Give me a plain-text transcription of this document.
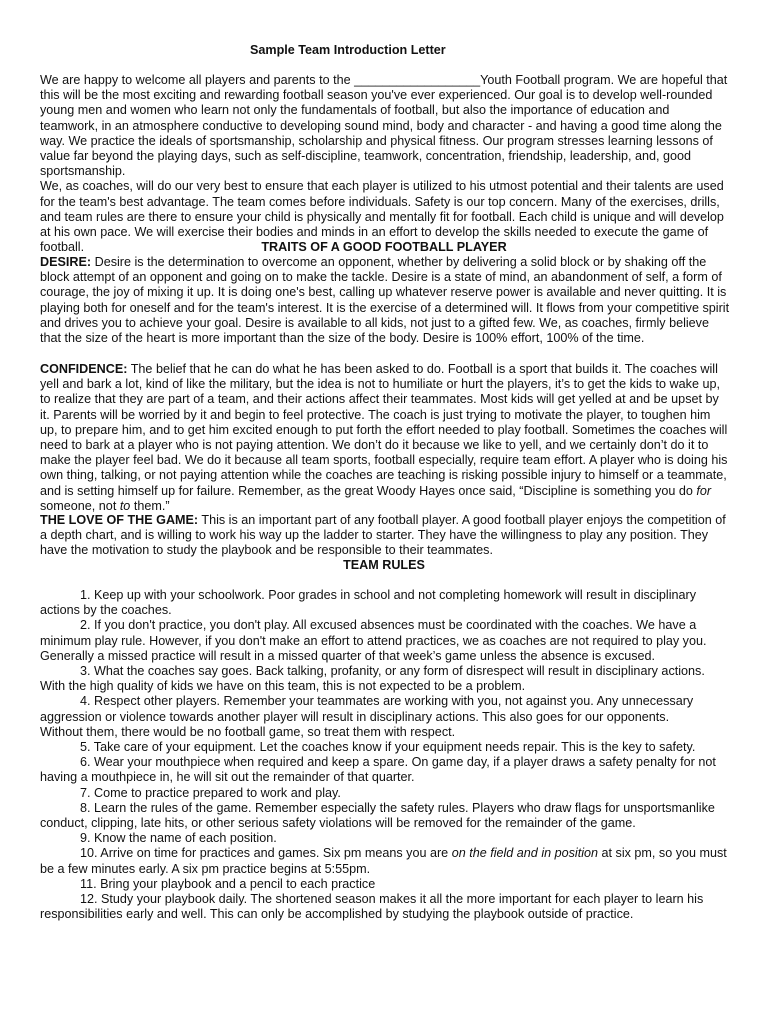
Sample Team Introduction Letter

We are happy to welcome all players and parents to the __________________Youth Football program. We are hopeful that this will be the most exciting and rewarding football season you've ever experienced. Our goal is to develop well-rounded young men and women who learn not only the fundamentals of football, but also the importance of education and teamwork, in an atmosphere conductive to developing sound mind, body and character - and having a good time along the way. We practice the ideals of sportsmanship, scholarship and physical fitness. Our program stresses learning lessons of value far beyond the playing days, such as self-discipline, teamwork, concentration, friendship, leadership, and, good sportsmanship.

We, as coaches, will do our very best to ensure that each player is utilized to his utmost potential and their talents are used for the team's best advantage. The team comes before individuals. Safety is our top concern. Many of the exercises, drills, and team rules are there to ensure your child is physically and mentally fit for football. Each child is unique and will develop at his own pace. We will exercise their bodies and minds in an effort to develop the skills needed to execute the game of football.	TRAITS OF A GOOD FOOTBALL PLAYER

DESIRE: Desire is the determination to overcome an opponent, whether by delivering a solid block or by shaking off the block attempt of an opponent and going on to make the tackle. Desire is a state of mind, an abandonment of self, a form of courage, the joy of mixing it up. It is doing one's best, calling up whatever reserve power is available and never quitting. It is playing both for oneself and for the team's interest. It is the exercise of a determined will. It flows from your competitive spirit and drives you to achieve your goal. Desire is available to all kids, not just to a gifted few. We, as coaches, firmly believe that the size of the heart is more important than the size of the body. Desire is 100% effort, 100% of the time.

CONFIDENCE: The belief that he can do what he has been asked to do. Football is a sport that builds it. The coaches will yell and bark a lot, kind of like the military, but the idea is not to humiliate or hurt the players, it’s to get the kids to wake up, to realize that they are part of a team, and their actions affect their teammates. Most kids will get yelled at and be upset by it. Parents will be worried by it and begin to feel protective. The coach is just trying to motivate the player, to toughen him up, to prepare him, and to get him excited enough to put forth the effort needed to play football. Sometimes the coaches will need to bark at a player who is not paying attention. We don’t do it because we like to yell, and we certainly don’t do it to make the player feel bad. We do it because all team sports, football especially, require team effort. A player who is doing his own thing, talking, or not paying attention while the coaches are teaching is risking possible injury to himself or a teammate, and is setting himself up for failure. Remember, as the great Woody Hayes once said, “Discipline is something you do for someone, not to them.”

THE LOVE OF THE GAME: This is an important part of any football player. A good football player enjoys the competition of a depth chart, and is willing to work his way up the ladder to starter. They have the willingness to play any position. They have the motivation to study the playbook and be responsible to their teammates.

TEAM RULES

1. Keep up with your schoolwork. Poor grades in school and not completing homework will result in disciplinary actions by the coaches.

2. If you don't practice, you don't play. All excused absences must be coordinated with the coaches. We have a minimum play rule. However, if you don't make an effort to attend practices, we as coaches are not required to play you.

Generally a missed practice will result in a missed quarter of that week’s game unless the absence is excused.

3. What the coaches say goes. Back talking, profanity, or any form of disrespect will result in disciplinary actions. With the high quality of kids we have on this team, this is not expected to be a problem.

4. Respect other players. Remember your teammates are working with you, not against you. Any unnecessary aggression or violence towards another player will result in disciplinary actions. This also goes for our opponents.

Without them, there would be no football game, so treat them with respect.

5. Take care of your equipment. Let the coaches know if your equipment needs repair. This is the key to safety.

6. Wear your mouthpiece when required and keep a spare. On game day, if a player draws a safety penalty for not having a mouthpiece in, he will sit out the remainder of that quarter.

7. Come to practice prepared to work and play.

8. Learn the rules of the game. Remember especially the safety rules. Players who draw flags for unsportsmanlike conduct, clipping, late hits, or other serious safety violations will be removed for the remainder of the game.

9. Know the name of each position.

10. Arrive on time for practices and games. Six pm means you are on the field and in position at six pm, so you must be a few minutes early. A six pm practice begins at 5:55pm.

11. Bring your playbook and a pencil to each practice

12. Study your playbook daily. The shortened season makes it all the more important for each player to learn his responsibilities early and well. This can only be accomplished by studying the playbook outside of practice.
